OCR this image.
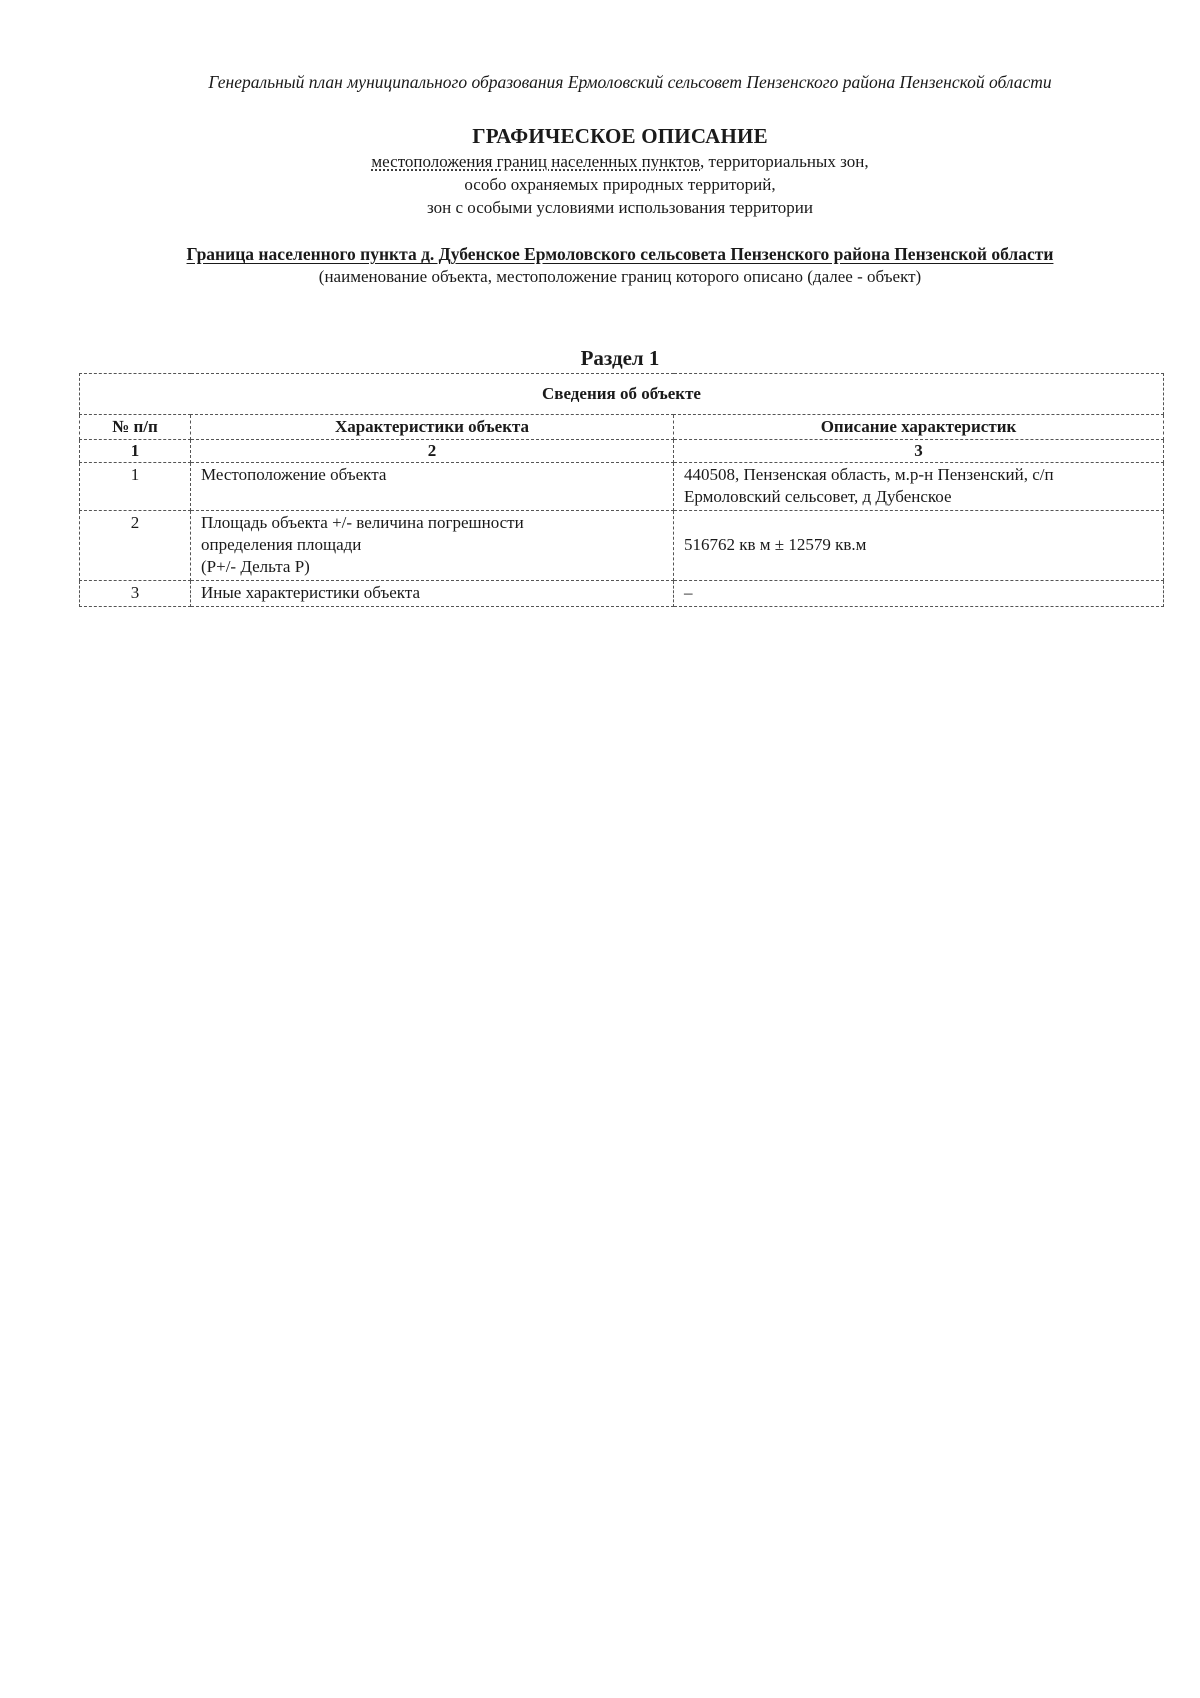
Генеральный план муниципального образования Ермоловский сельсовет Пензенского района Пензенской области
ГРАФИЧЕСКОЕ ОПИСАНИЕ
местоположения границ населенных пунктов, территориальных зон,
особо охраняемых природных территорий,
зон с особыми условиями использования территории
Граница населенного пункта д. Дубенское Ермоловского сельсовета Пензенского района Пензенской области
(наименование объекта, местоположение границ которого описано (далее - объект)
Раздел 1
Сведения об объекте		
№ п/п	Характеристики объекта	Описание характеристик
1	2	3
1	Местоположение объекта	440508, Пензенская область, м.р-н Пензенский, с/п
Ермоловский сельсовет, д Дубенское

2	Площадь объекта +/- величина погрешности
определения площади
(Р+/- Дельта Р)	516762 кв м ± 12579 кв.м
3	Иные характеристики объекта	–
